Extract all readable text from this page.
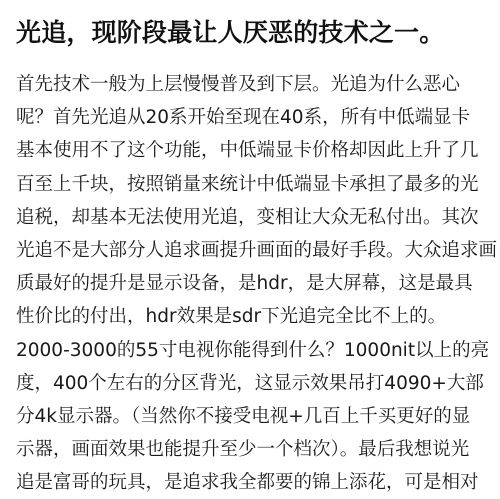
光追，现阶段最让人厌恶的技术之一。
首先技术一般为上层慢慢普及到下层。光追为什么恶心
呢？首先光追从20系开始至现在40系，所有中低端显卡
基本使用不了这个功能，中低端显卡价格却因此上升了几
百至上千块，按照销量来统计中低端显卡承担了最多的光
追税，却基本无法使用光追，变相让大众无私付出。其次
光追不是大部分人追求画提升画面的最好手段。大众追求画
质最好的提升是显示设备，是hdr，是大屏幕，这是最具
性价比的付出，hdr效果是sdr下光追完全比不上的。
2000-3000的55寸电视你能得到什么？1000nit以上的亮
度，400个左右的分区背光，这显示效果吊打4090+大部
分4k显示器。（当然你不接受电视+几百上千买更好的显
示器，画面效果也能提升至少一个档次）。最后我想说光
追是富哥的玩具，是追求我全都要的锦上添花，可是相对
